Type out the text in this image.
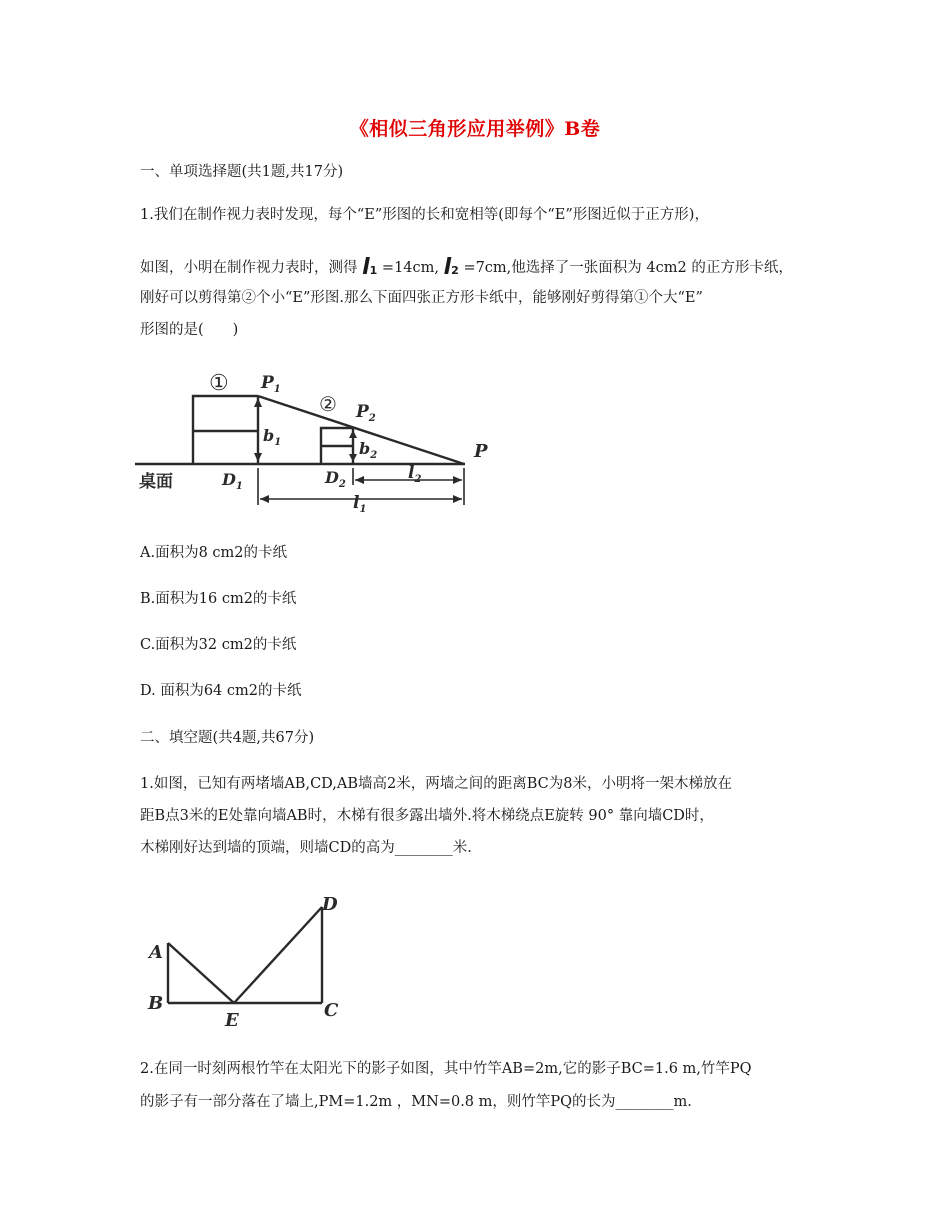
《相似三角形应用举例》B卷
一、单项选择题(共1题,共17分)
1.我们在制作视力表时发现，每个“E”形图的长和宽相等(即每个“E”形图近似于正方形)，
如图，小明在制作视力表时，测得 l1 =14cm, l2 =7cm,他选择了一张面积为 4cm2 的正方形卡纸，
刚好可以剪得第②个小“E”形图.那么下面四张正方形卡纸中，能够刚好剪得第①个大“E”
形图的是(　　)
①
②
$P_1$
$P_2$
P
$b_1$	$b_2$
$D_1$	$D_2$
$l_2$
$l_1$
桌面
A.面积为8 cm2的卡纸
B.面积为16 cm2的卡纸
C.面积为32 cm2的卡纸
D. 面积为64 cm2的卡纸
二、填空题(共4题,共67分)
1.如图，已知有两堵墙AB,CD,AB墙高2米，两墙之间的距离BC为8米，小明将一架木梯放在
距B点3米的E处靠向墙AB时，木梯有很多露出墙外.将木梯绕点E旋转 90° 靠向墙CD时，
木梯刚好达到墙的顶端，则墙CD的高为________米.
A
B	C
D
E
2.在同一时刻两根竹竿在太阳光下的影子如图，其中竹竿AB=2m,它的影子BC=1.6 m,竹竿PQ
的影子有一部分落在了墙上,PM=1.2m ，MN=0.8 m，则竹竿PQ的长为________m.
